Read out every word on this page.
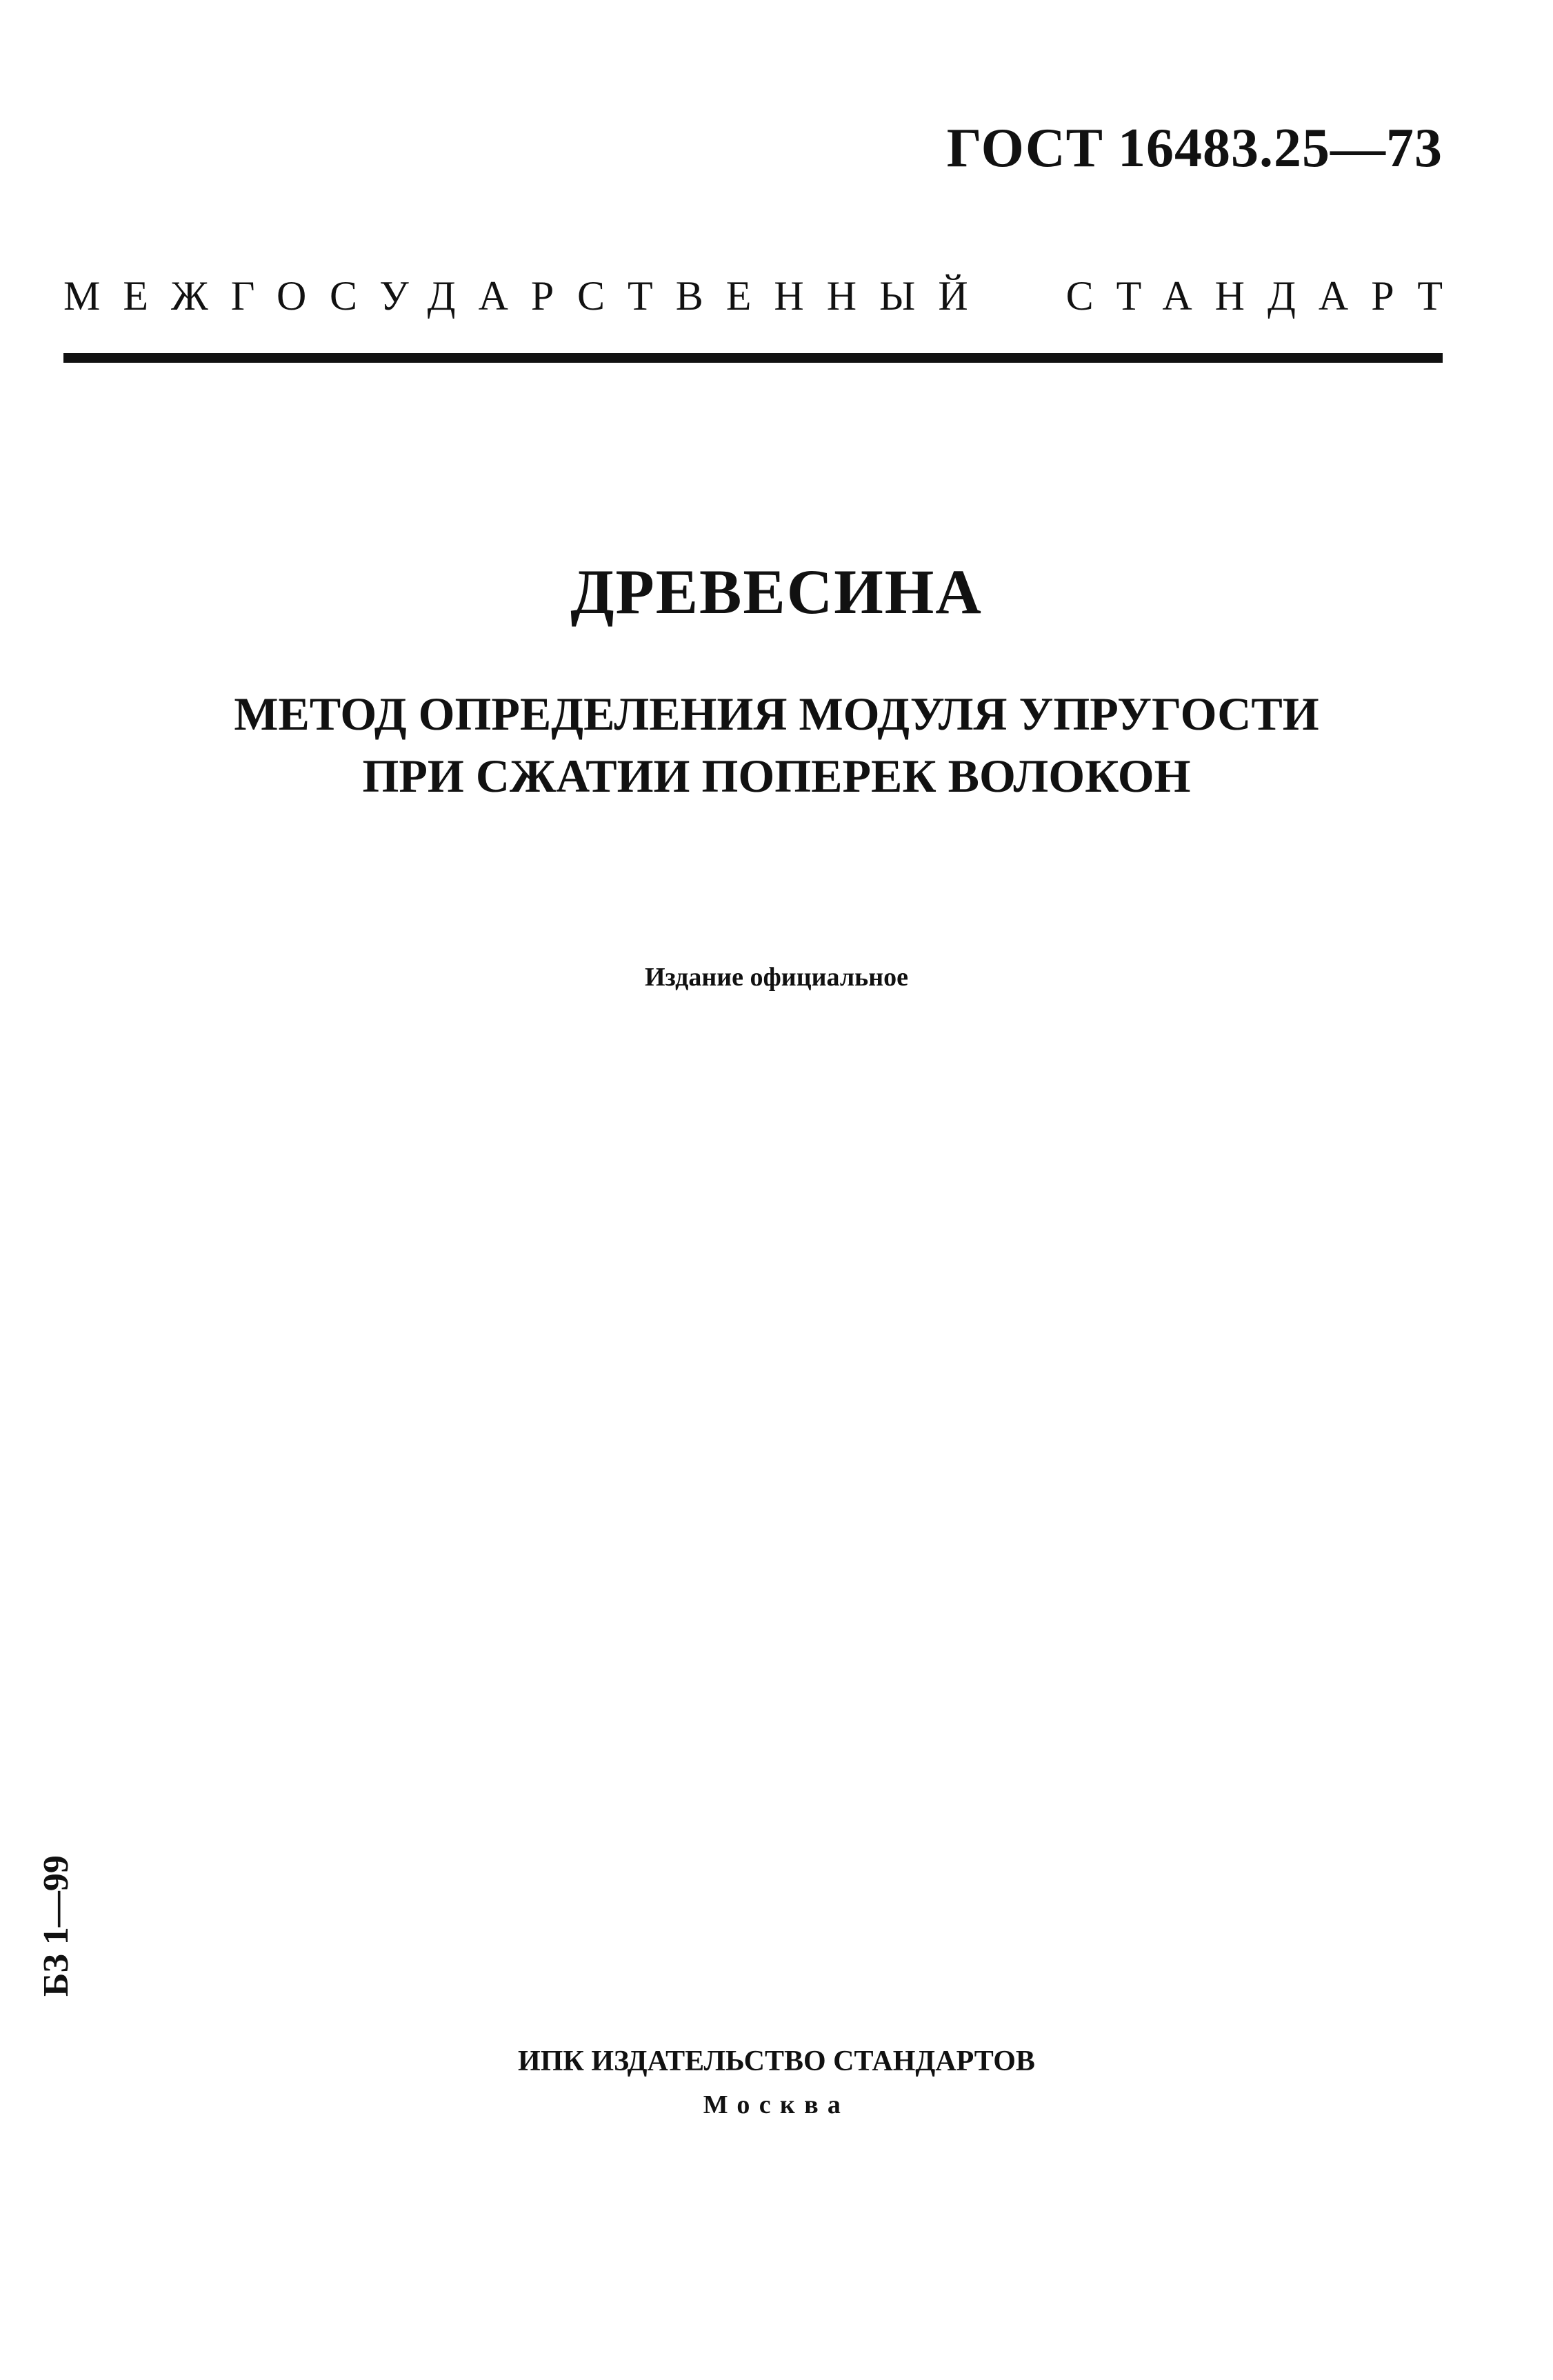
ГОСТ 16483.25—73
МЕЖГОСУДАРСТВЕННЫЙ СТАНДАРТ
ДРЕВЕСИНА
МЕТОД ОПРЕДЕЛЕНИЯ МОДУЛЯ УПРУГОСТИ
ПРИ СЖАТИИ ПОПЕРЕК ВОЛОКОН
Издание официальное
БЗ 1—99
ИПК ИЗДАТЕЛЬСТВО СТАНДАРТОВ
Москва
